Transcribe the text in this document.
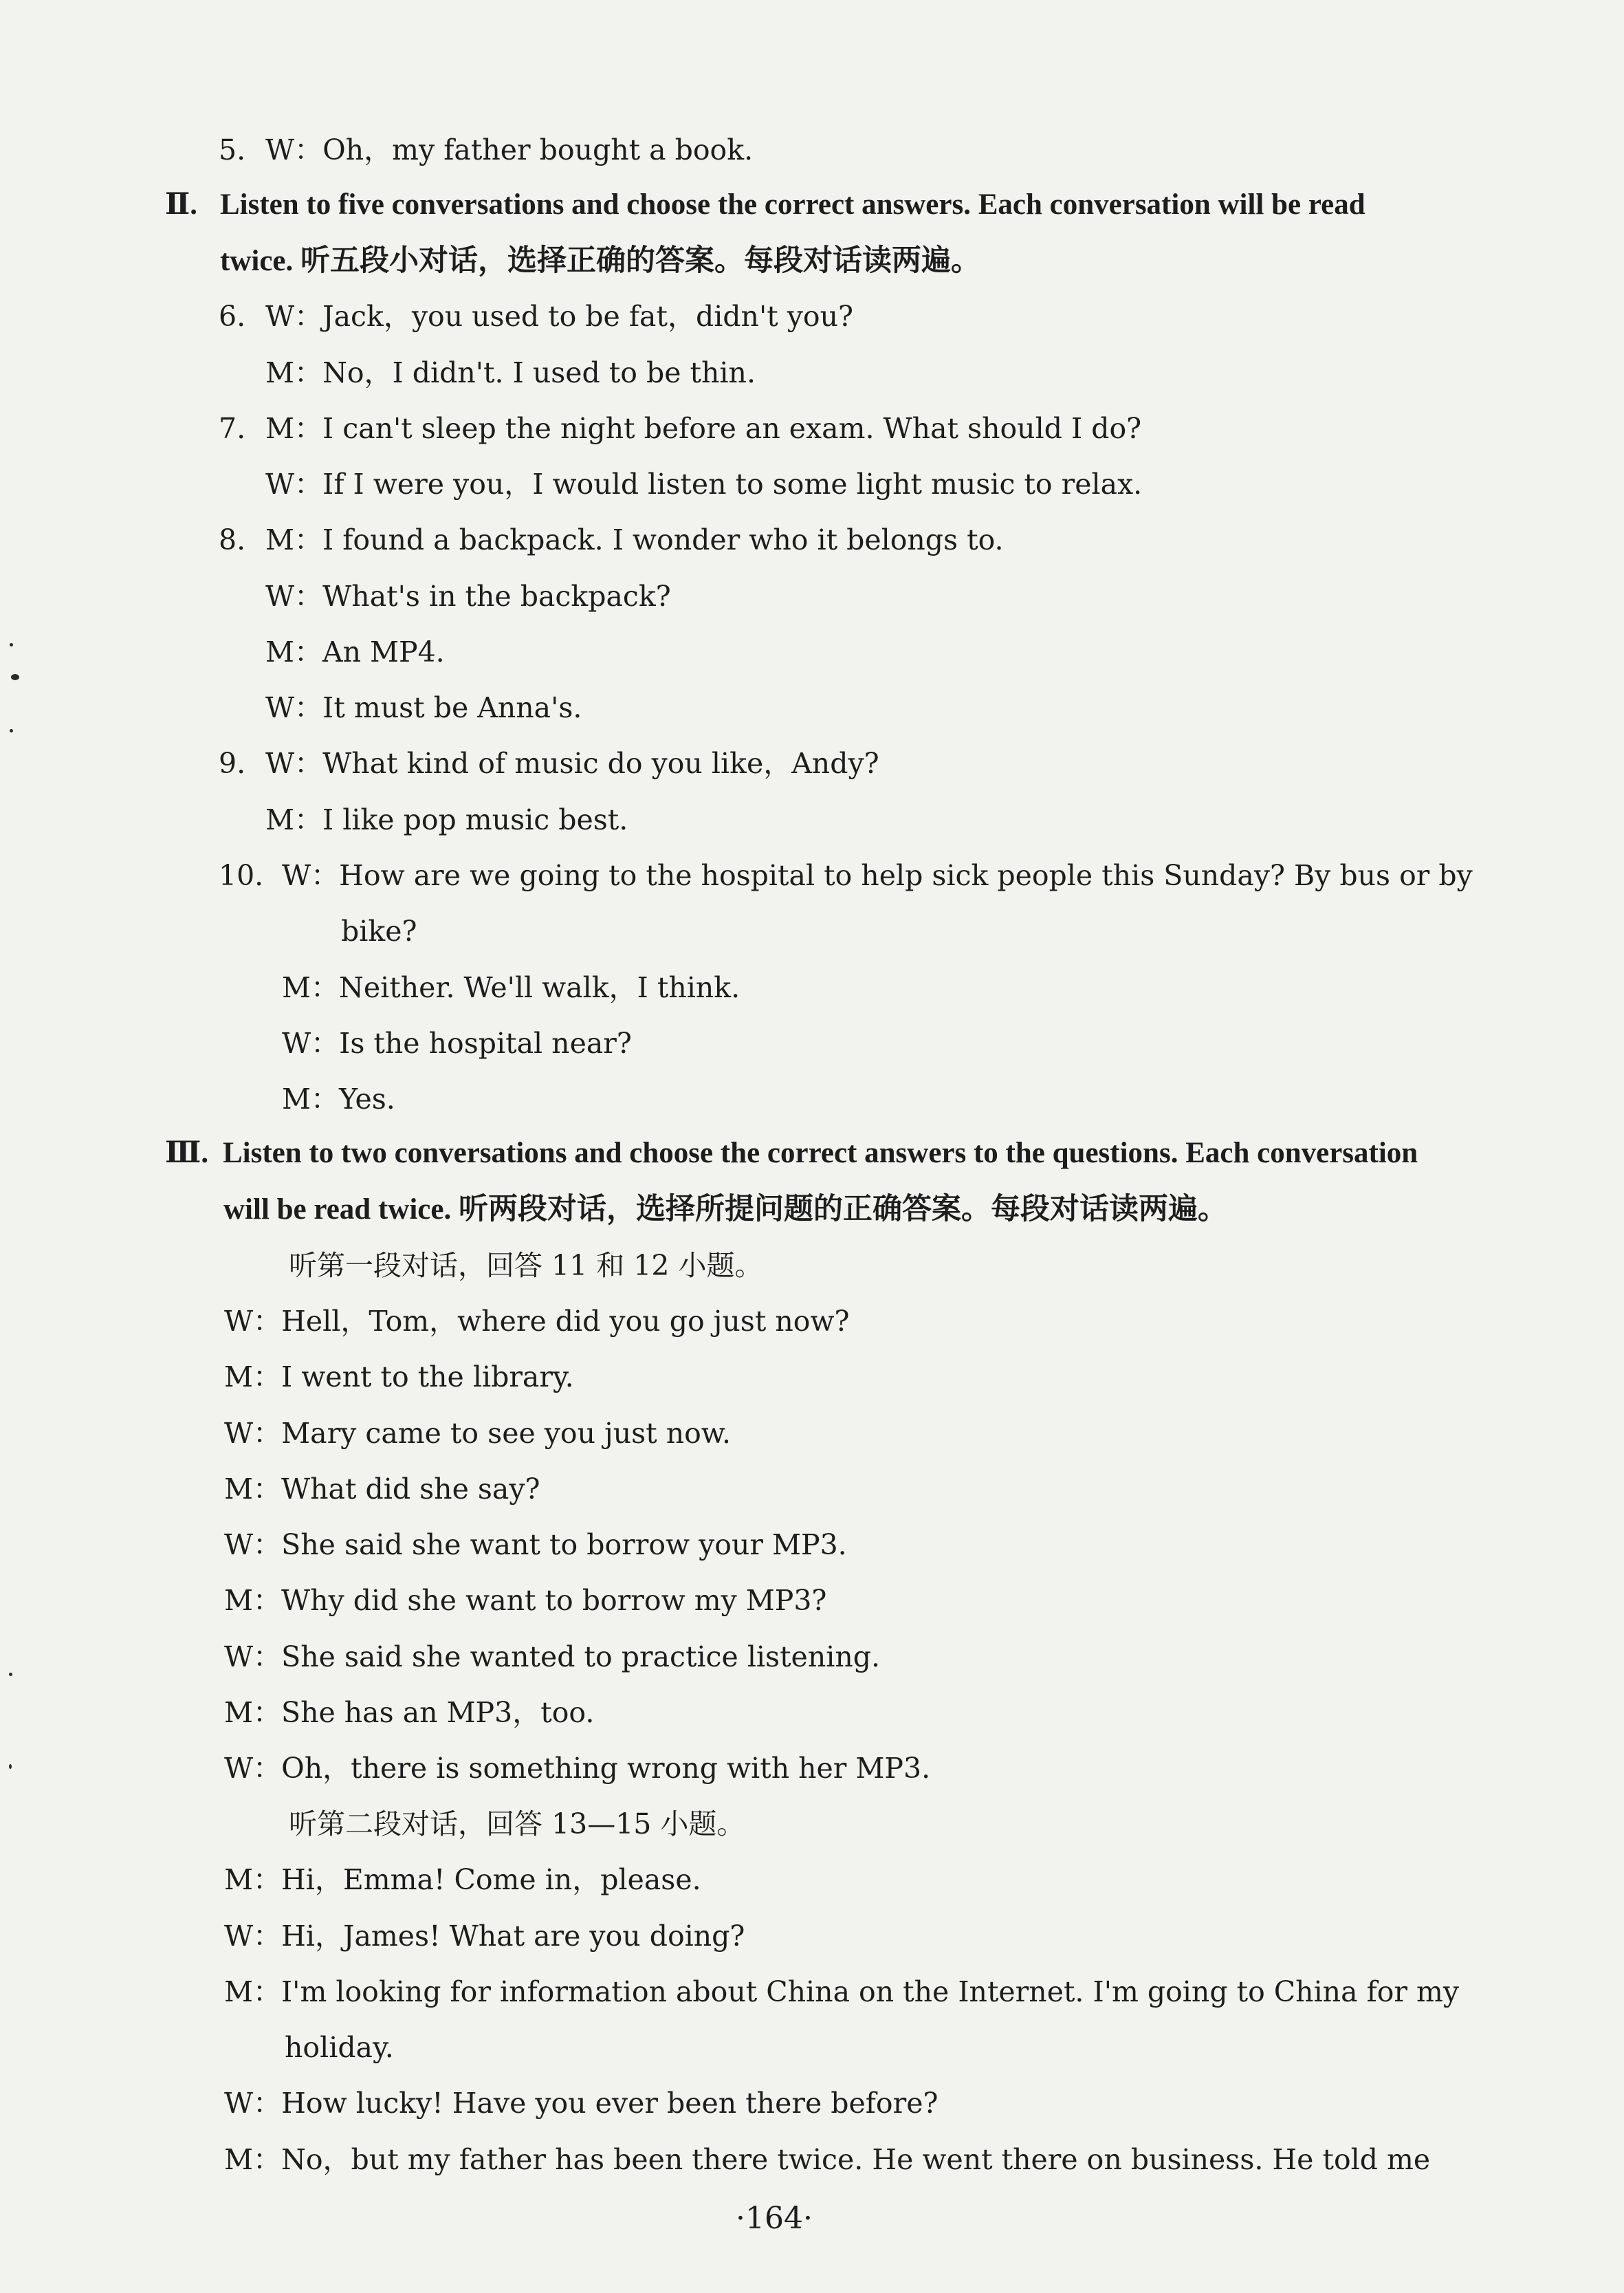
5. W：Oh，my father bought a book.
Ⅱ. Listen to five conversations and choose the correct answers. Each conversation will be read
twice. 听五段小对话，选择正确的答案。每段对话读两遍。
6. W：Jack，you used to be fat，didn't you?
M：No，I didn't. I used to be thin.
7. M：I can't sleep the night before an exam. What should I do?
W：If I were you，I would listen to some light music to relax.
8. M：I found a backpack. I wonder who it belongs to.
W：What's in the backpack?
M：An MP4.
W：It must be Anna's.
9. W：What kind of music do you like，Andy?
M：I like pop music best.
10. W：How are we going to the hospital to help sick people this Sunday? By bus or by
bike?
M：Neither. We'll walk，I think.
W：Is the hospital near?
M：Yes.
Ⅲ. Listen to two conversations and choose the correct answers to the questions. Each conversation
will be read twice. 听两段对话，选择所提问题的正确答案。每段对话读两遍。
听第一段对话，回答 11 和 12 小题。
W：Hell，Tom，where did you go just now?
M：I went to the library.
W：Mary came to see you just now.
M：What did she say?
W：She said she want to borrow your MP3.
M：Why did she want to borrow my MP3?
W：She said she wanted to practice listening.
M：She has an MP3，too.
W：Oh，there is something wrong with her MP3.
听第二段对话，回答 13—15 小题。
M：Hi，Emma! Come in，please.
W：Hi，James! What are you doing?
M：I'm looking for information about China on the Internet. I'm going to China for my
holiday.
W：How lucky! Have you ever been there before?
M：No，but my father has been there twice. He went there on business. He told me
·164·
